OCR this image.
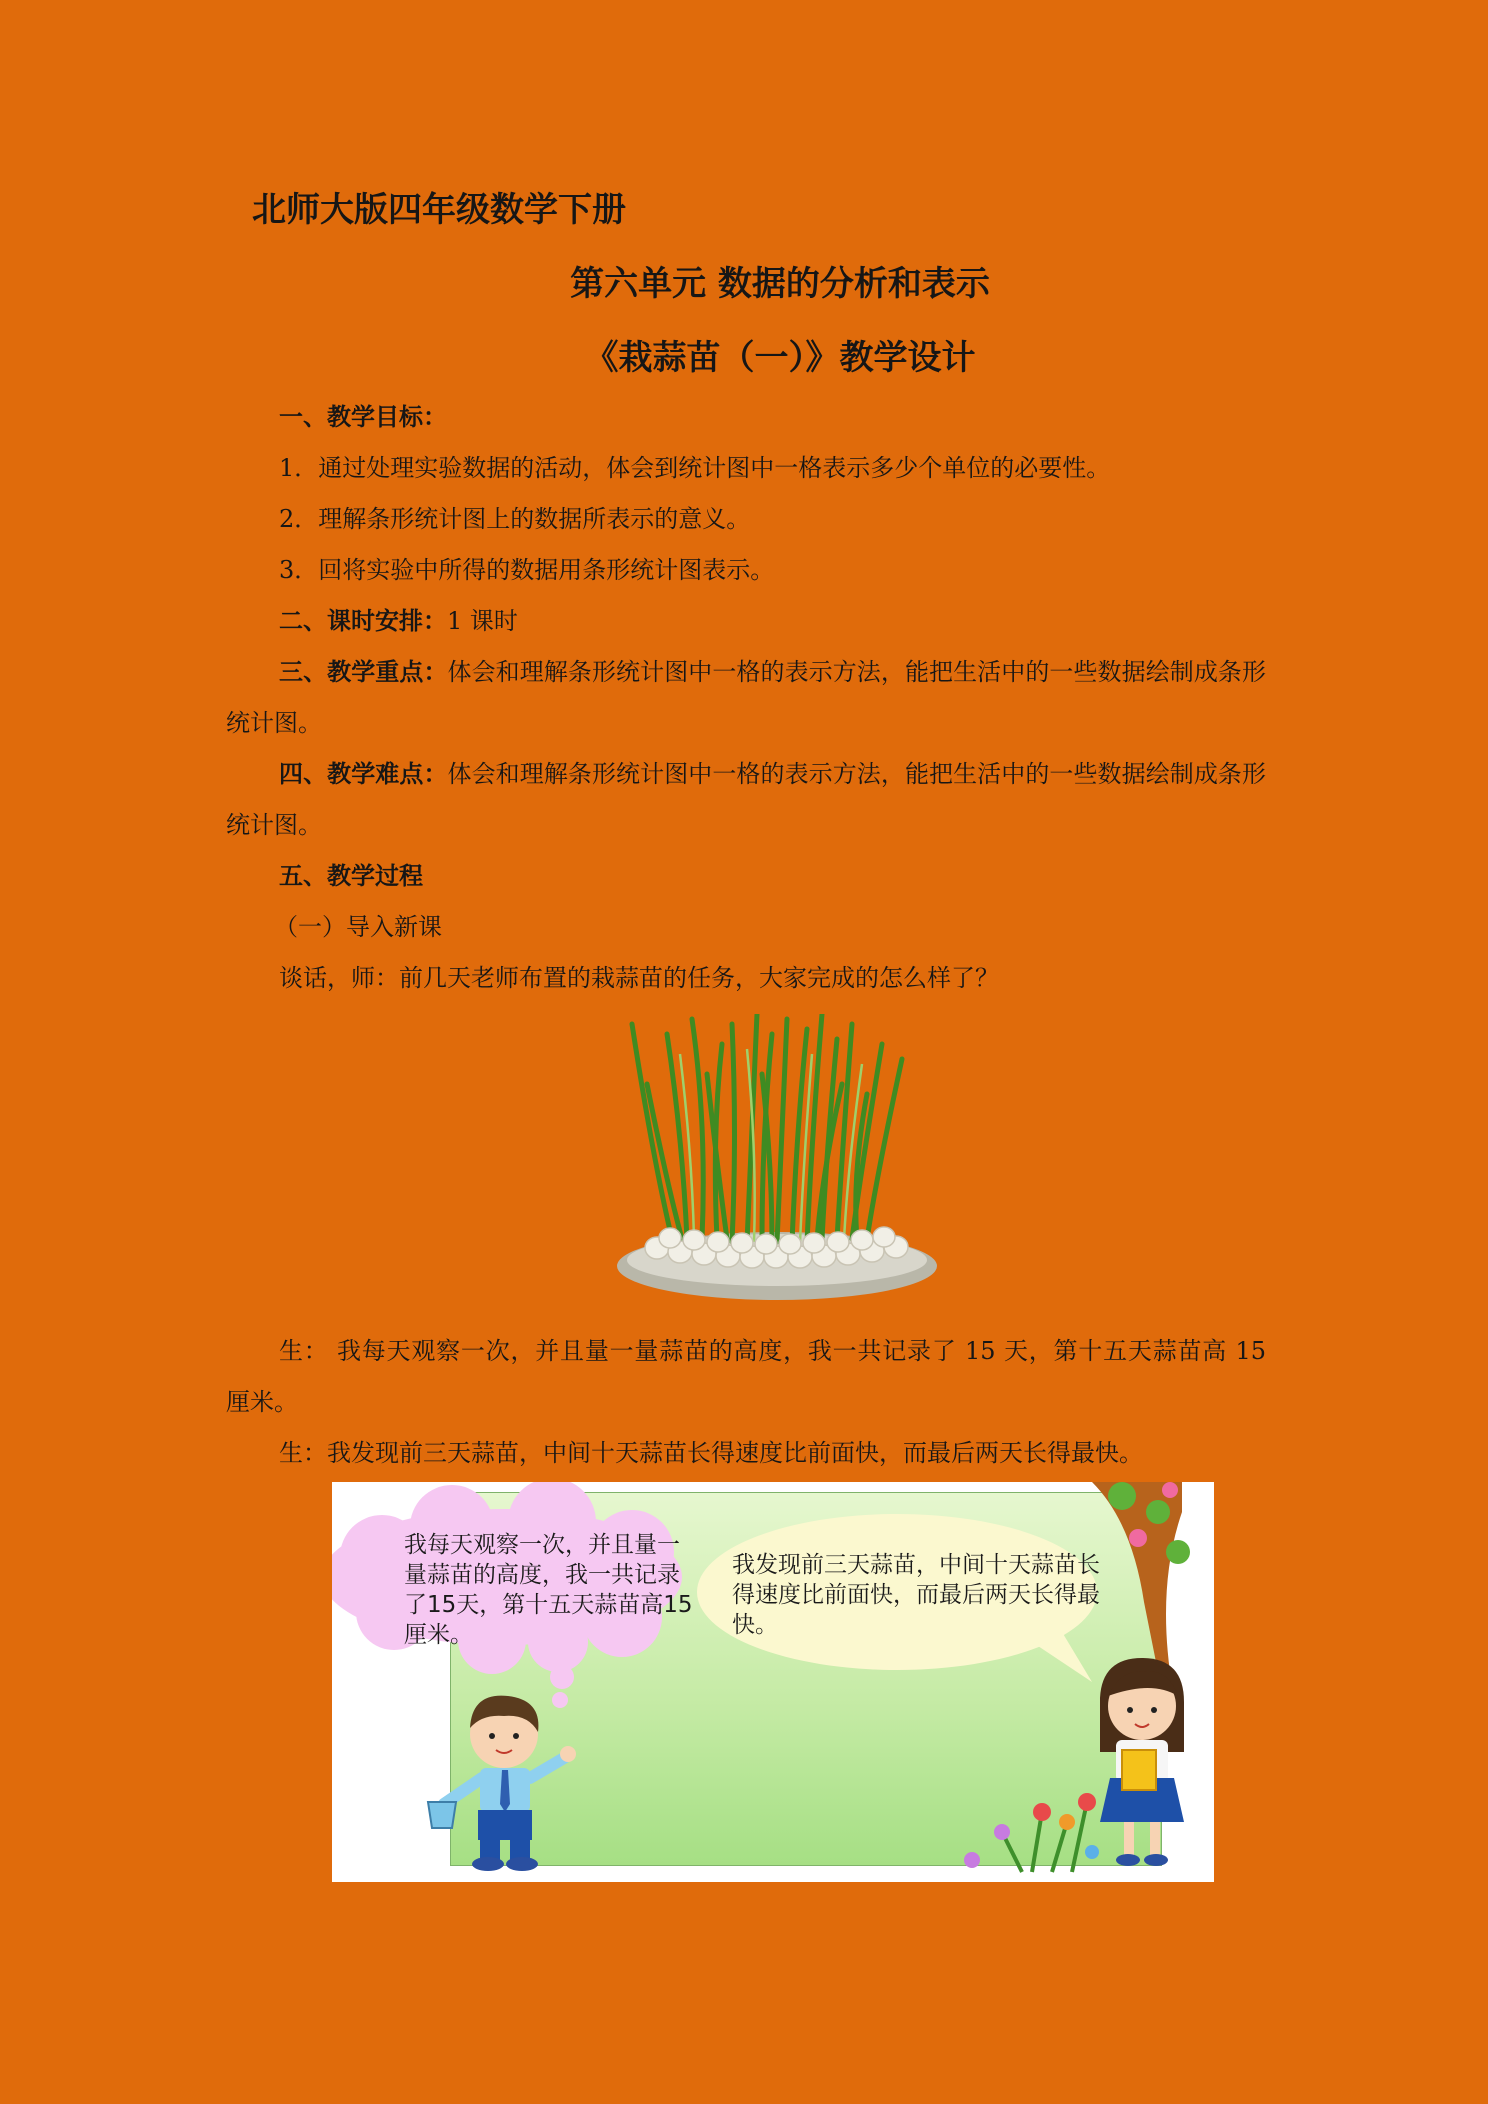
北师大版四年级数学下册
第六单元 数据的分析和表示
《栽蒜苗（一）》教学设计

一、教学目标：

1．通过处理实验数据的活动，体会到统计图中一格表示多少个单位的必要性。

2．理解条形统计图上的数据所表示的意义。

3．回将实验中所得的数据用条形统计图表示。

二、课时安排：1 课时

三、教学重点：体会和理解条形统计图中一格的表示方法，能把生活中的一些数据绘制成条形统计图。

四、教学难点：体会和理解条形统计图中一格的表示方法，能把生活中的一些数据绘制成条形统计图。

五、教学过程

（一）导入新课

谈话，师：前几天老师布置的栽蒜苗的任务，大家完成的怎么样了？

生： 我每天观察一次，并且量一量蒜苗的高度，我一共记录了 15 天，第十五天蒜苗高 15 厘米。

生：我发现前三天蒜苗，中间十天蒜苗长得速度比前面快，而最后两天长得最快。

我每天观察一次，并且量一量蒜苗的高度，我一共记录了15天，第十五天蒜苗高15厘米。
我发现前三天蒜苗，中间十天蒜苗长得速度比前面快，而最后两天长得最快。
